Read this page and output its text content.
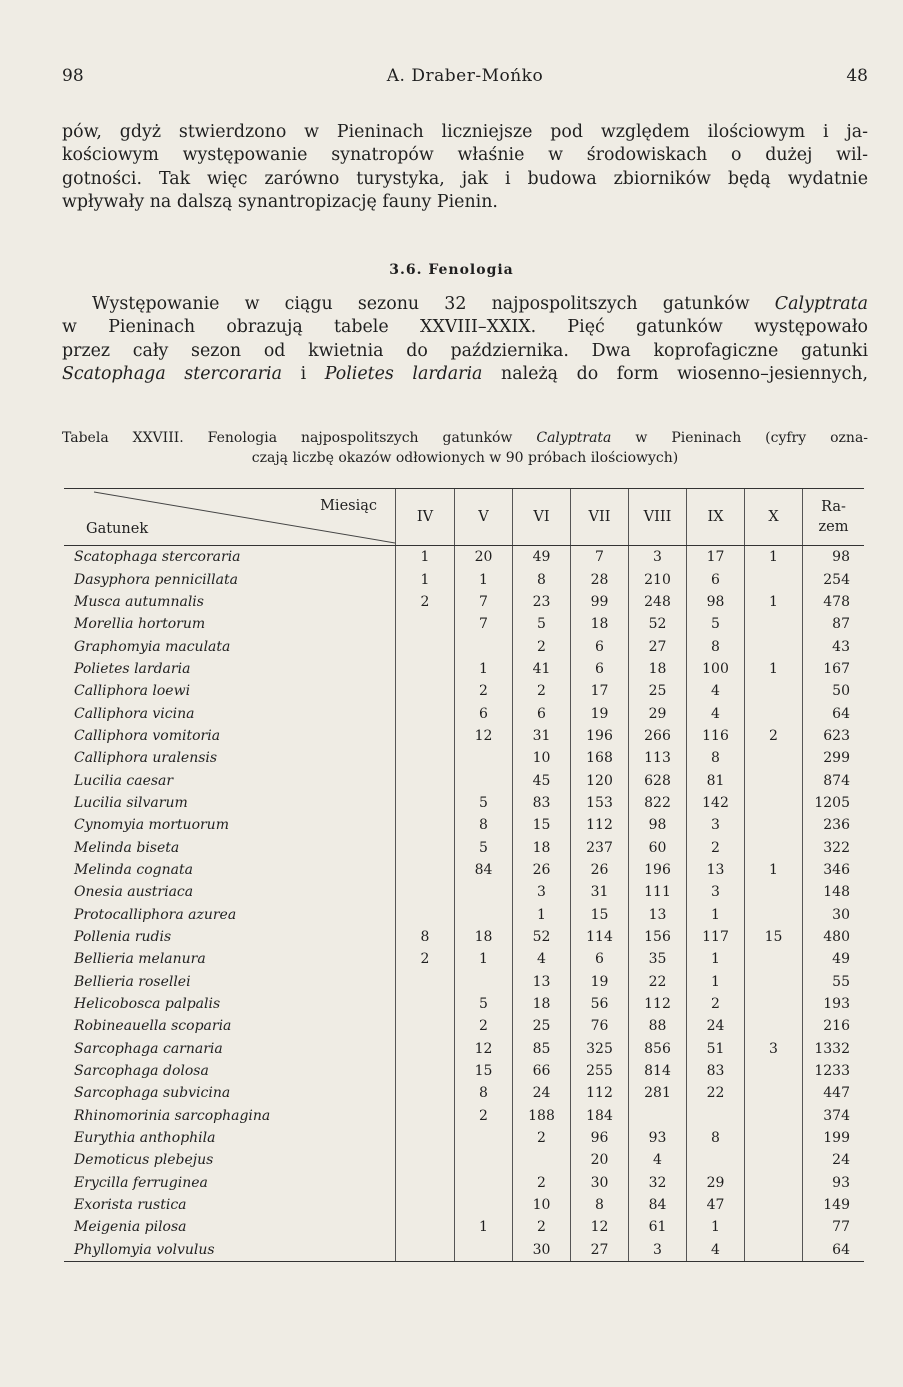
98	A. Draber-Mońko	48
pów, gdyż stwierdzono w Pieninach liczniejsze pod względem ilościowym i ja-
kościowym występowanie synatropów właśnie w środowiskach o dużej wil-
gotności. Tak więc zarówno turystyka, jak i budowa zbiorników będą wydatnie
wpływały na dalszą synantropizację fauny Pienin.
3.6. Fenologia
Występowanie w ciągu sezonu 32 najpospolitszych gatunków Calyptrata
w Pieninach obrazują tabele XXVIII–XXIX. Pięć gatunków występowało
przez cały sezon od kwietnia do października. Dwa koprofagiczne gatunki
Scatophaga stercoraria i Polietes lardaria należą do form wiosenno–jesiennych,
Tabela XXVIII. Fenologia najpospolitszych gatunków Calyptrata w Pieninach (cyfry ozna-
czają liczbę okazów odłowionych w 90 próbach ilościowych)
Miesiąc
Gatunek	IV	V	VI	VII	VIII	IX	X	Ra-
zem
Scatophaga stercoraria	1	20	49	7	3	17	1	98
Dasyphora pennicillata	1	1	8	28	210	6		254
Musca autumnalis	2	7	23	99	248	98	1	478
Morellia hortorum		7	5	18	52	5		87
Graphomyia maculata			2	6	27	8		43
Polietes lardaria		1	41	6	18	100	1	167
Calliphora loewi		2	2	17	25	4		50
Calliphora vicina		6	6	19	29	4		64
Calliphora vomitoria		12	31	196	266	116	2	623
Calliphora uralensis			10	168	113	8		299
Lucilia caesar			45	120	628	81		874
Lucilia silvarum		5	83	153	822	142		1205
Cynomyia mortuorum		8	15	112	98	3		236
Melinda biseta		5	18	237	60	2		322
Melinda cognata		84	26	26	196	13	1	346
Onesia austriaca			3	31	111	3		148
Protocalliphora azurea			1	15	13	1		30
Pollenia rudis	8	18	52	114	156	117	15	480
Bellieria melanura	2	1	4	6	35	1		49
Bellieria rosellei			13	19	22	1		55
Helicobosca palpalis		5	18	56	112	2		193
Robineauella scoparia		2	25	76	88	24		216
Sarcophaga carnaria		12	85	325	856	51	3	1332
Sarcophaga dolosa		15	66	255	814	83		1233
Sarcophaga subvicina		8	24	112	281	22		447
Rhinomorinia sarcophagina		2	188	184				374
Eurythia anthophila			2	96	93	8		199
Demoticus plebejus				20	4			24
Erycilla ferruginea			2	30	32	29		93
Exorista rustica			10	8	84	47		149
Meigenia pilosa		1	2	12	61	1		77
Phyllomyia volvulus			30	27	3	4		64
